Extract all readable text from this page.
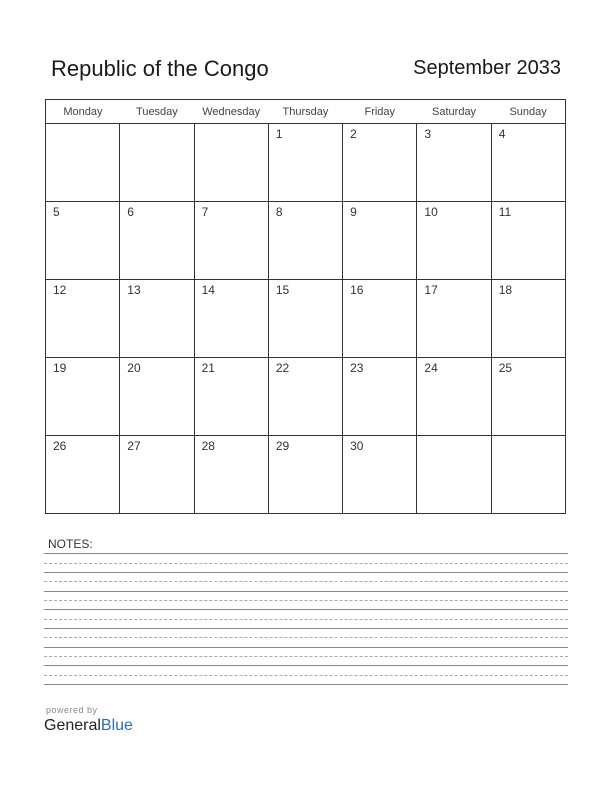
Republic of the Congo	September 2033
Monday	Tuesday	Wednesday	Thursday	Friday	Saturday	Sunday

			1	2	3	4

5	6	7	8	9	10	11

12	13	14	15	16	17	18

19	20	21	22	23	24	25

26	27	28	29	30		

NOTES:
powered by
GeneralBlue
